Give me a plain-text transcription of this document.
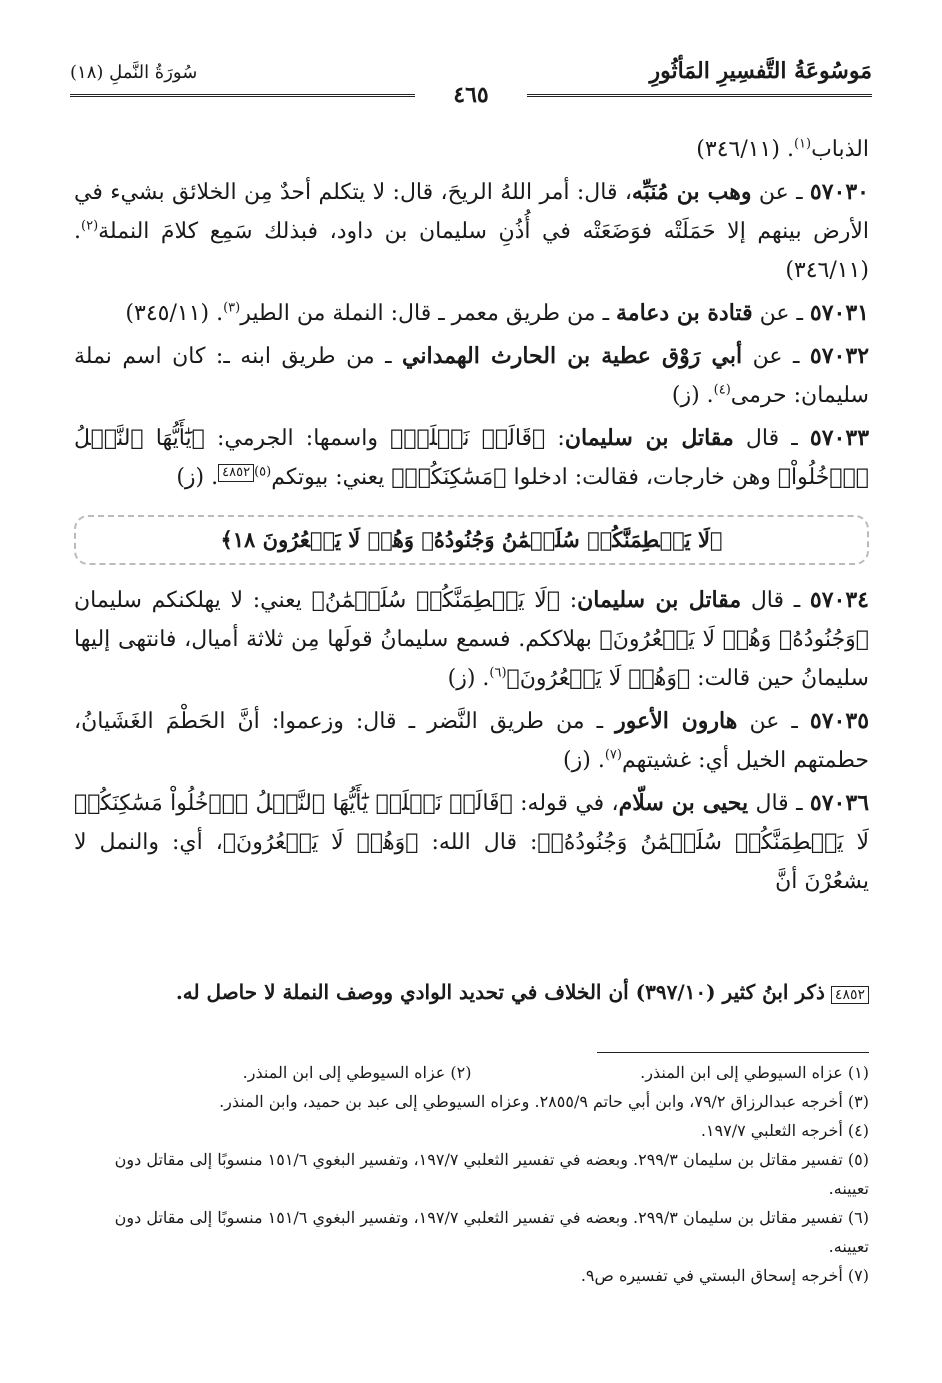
مَوسُوعَةُ التَّفسِيرِ المَأثُورِ
٤٦٥
سُورَةُ النَّملِ (١٨)

الذباب$^{(١)}$. (٣٤٦/١١)

٥٧٠٣٠ ـ عن وهب بن مُنَبِّه، قال: أمر اللهُ الريحَ، قال: لا يتكلم أحدٌ مِن الخلائق بشيء في الأرض بينهم إلا حَمَلَتْه فوَضَعَتْه في أُذُنِ سليمان بن داود، فبذلك سَمِع كلامَ النملة$^{(٢)}$. (٣٤٦/١١)

٥٧٠٣١ ـ عن قتادة بن دعامة ـ من طريق معمر ـ قال: النملة من الطير$^{(٣)}$. (٣٤٥/١١)

٥٧٠٣٢ ـ عن أبي رَوْق عطية بن الحارث الهمداني ـ من طريق ابنه ـ: كان اسم نملة سليمان: حرمى$^{(٤)}$. (ز)

٥٧٠٣٣ ـ قال مقاتل بن سليمان: ﴿قَالَتۡ نَمۡلَةٞ﴾ واسمها: الجرمي: ﴿يَٰٓأَيُّهَا ٱلنَّمۡلُ ٱدۡخُلُواْ﴾ وهن خارجات، فقالت: ادخلوا ﴿مَسَٰكِنَكُمۡ﴾ يعني: بيوتكم$^{(٥)}$٤٨٥٢. (ز)

﴿لَا يَحۡطِمَنَّكُمۡ سُلَيۡمَٰنُ وَجُنُودُهُۥ وَهُمۡ لَا يَشۡعُرُونَ ١٨﴾

٥٧٠٣٤ ـ قال مقاتل بن سليمان: ﴿لَا يَحۡطِمَنَّكُمۡ سُلَيۡمَٰنُ﴾ يعني: لا يهلكنكم سليمان ﴿وَجُنُودُهُۥ وَهُمۡ لَا يَشۡعُرُونَ﴾ بهلاككم. فسمع سليمانُ قولَها مِن ثلاثة أميال، فانتهى إليها سليمانُ حين قالت: ﴿وَهُمۡ لَا يَشۡعُرُونَ﴾$^{(٦)}$. (ز)

٥٧٠٣٥ ـ عن هارون الأعور ـ من طريق النَّضر ـ قال: وزعموا: أنَّ الحَطْمَ الغَشَيانُ، حطمتهم الخيل أي: غشيتهم$^{(٧)}$. (ز)

٥٧٠٣٦ ـ قال يحيى بن سلّام، في قوله: ﴿قَالَتۡ نَمۡلَةٞ يَٰٓأَيُّهَا ٱلنَّمۡلُ ٱدۡخُلُواْ مَسَٰكِنَكُمۡ لَا يَحۡطِمَنَّكُمۡ سُلَيۡمَٰنُ وَجُنُودُهُۥ﴾: قال الله: ﴿وَهُمۡ لَا يَشۡعُرُونَ﴾، أي: والنمل لا يشعُرْنَ أنَّ

٤٨٥٢ذكر ابنُ كثير (٣٩٧/١٠) أن الخلاف في تحديد الوادي ووصف النملة لا حاصل له.
(١) عزاه السيوطي إلى ابن المنذر.
(٢) عزاه السيوطي إلى ابن المنذر.
(٣) أخرجه عبدالرزاق ٧٩/٢، وابن أبي حاتم ٢٨٥٥/٩. وعزاه السيوطي إلى عبد بن حميد، وابن المنذر.
(٤) أخرجه الثعلبي ١٩٧/٧.
(٥) تفسير مقاتل بن سليمان ٢٩٩/٣. وبعضه في تفسير الثعلبي ١٩٧/٧، وتفسير البغوي ١٥١/٦ منسوبًا إلى مقاتل دون تعيينه.
(٦) تفسير مقاتل بن سليمان ٢٩٩/٣. وبعضه في تفسير الثعلبي ١٩٧/٧، وتفسير البغوي ١٥١/٦ منسوبًا إلى مقاتل دون تعيينه.
(٧) أخرجه إسحاق البستي في تفسيره ص٩.
